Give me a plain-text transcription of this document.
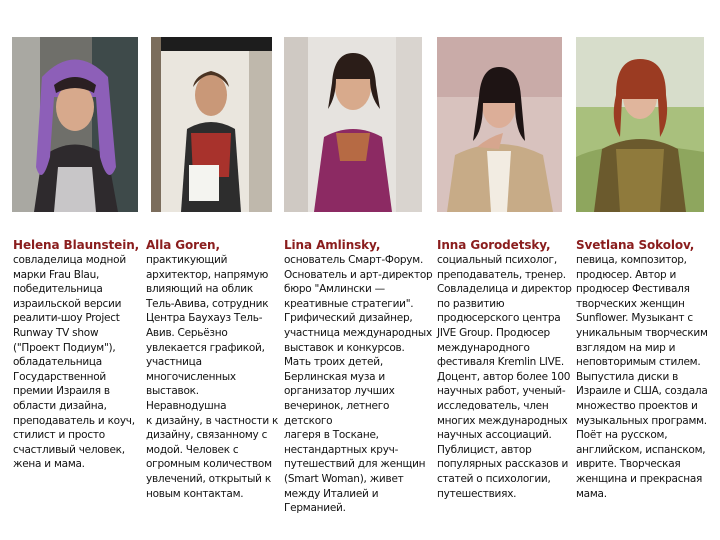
Helena Blaunstein,
совладелица модной
марки Frau Blau,
победительница
израильской версии
реалити-шоу Project
Runway TV show
("Проект Подиум"),
обладательница
Государственной
премии Израиля в
области дизайна,
преподаватель и коуч,
стилист и просто
счастливый человек,
жена и мама.
Alla Goren,
практикующий
архитектор, напрямую
влияющий на облик
Тель-Авива, сотрудник
Центра Баухауз Тель-
Авив. Серьёзно
увлекается графикой,
участница
многочисленных
выставок. Неравнодушна
к дизайну, в частности к
дизайну, связанному с
модой. Человек с
огромным количеством
увлечений, открытый к
новым контактам.
Lina Amlinsky,
основатель Смарт-Форум.
Основатель и арт-директор
бюро "Амлински —
креативные стратегии".
Грифический дизайнер,
участница международных
выставок и конкурсов.
Мать троих детей,
Берлинская муза и
организатор лучших
вечеринок, летнего детского
лагеря в Тоскане,
нестандартных круч-
путешествий для женщин
(Smart Woman), живет
между Италией и
Германией.
Inna Gorodetsky,
социальный психолог,
преподаватель, тренер.
Совладелица и директор
по развитию
продюсерского центра
JIVE Group. Продюсер
международного
фестиваля Kremlin LIVE.
Доцент, автор более 100
научных работ, ученый-
исследователь, член
многих международных
научных ассоциаций.
Публицист, автор
популярных рассказов и
статей о психологии,
путешествиях.
Svetlana Sokolov,
певица, композитор,
продюсер. Автор и
продюсер Фестиваля
творческих женщин
Sunflower. Музыкант с
уникальным творческим
взглядом на мир и
неповторимым стилем.
Выпустила диски в
Израиле и США, создала
множество проектов и
музыкальных программ.
Поёт на русском,
английском, испанском,
иврите. Творческая
женщина и прекрасная
мама.
